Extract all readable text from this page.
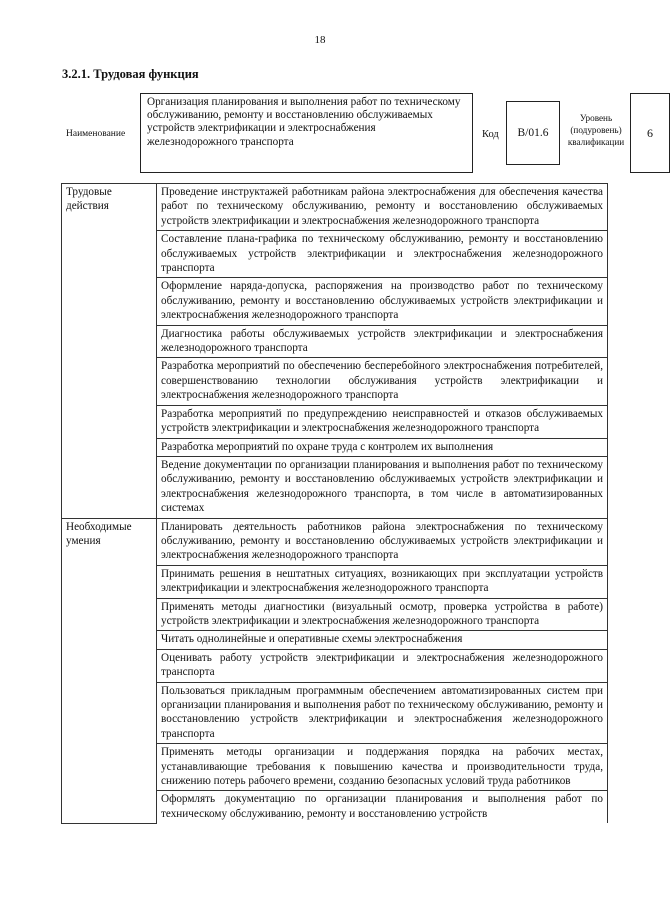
18
3.2.1. Трудовая функция
Наименование
Организация планирования и выполнения работ по техническому обслуживанию, ремонту и восстановлению обслуживаемых устройств электрификации и электроснабжения железнодорожного транспорта
Код	B/01.6
Уровень (подуровень) квалификации
6
Трудовые действия	Проведение инструктажей работникам района электроснабжения для обеспечения качества работ по техническому обслуживанию, ремонту и восстановлению обслуживаемых устройств электрификации и электроснабжения железнодорожного транспорта
	Составление плана-графика по техническому обслуживанию, ремонту и восстановлению обслуживаемых устройств электрификации и электроснабжения железнодорожного транспорта
	Оформление наряда-допуска, распоряжения на производство работ по техническому обслуживанию, ремонту и восстановлению обслуживаемых устройств электрификации и электроснабжения железнодорожного транспорта
	Диагностика работы обслуживаемых устройств электрификации и электроснабжения железнодорожного транспорта
	Разработка мероприятий по обеспечению бесперебойного электроснабжения потребителей, совершенствованию технологии обслуживания устройств электрификации и электроснабжения железнодорожного транспорта
	Разработка мероприятий по предупреждению неисправностей и отказов обслуживаемых устройств электрификации и электроснабжения железнодорожного транспорта
	Разработка мероприятий по охране труда с контролем их выполнения
	Ведение документации по организации планирования и выполнения работ по техническому обслуживанию, ремонту и восстановлению обслуживаемых устройств электрификации и электроснабжения железнодорожного транспорта, в том числе в автоматизированных системах
Необходимые умения	Планировать деятельность работников района электроснабжения по техническому обслуживанию, ремонту и восстановлению обслуживаемых устройств электрификации и электроснабжения железнодорожного транспорта
	Принимать решения в нештатных ситуациях, возникающих при эксплуатации устройств электрификации и электроснабжения железнодорожного транспорта
	Применять методы диагностики (визуальный осмотр, проверка устройства в работе) устройств электрификации и электроснабжения железнодорожного транспорта
	Читать однолинейные и оперативные схемы электроснабжения
	Оценивать работу устройств электрификации и электроснабжения железнодорожного транспорта
	Пользоваться прикладным программным обеспечением автоматизированных систем при организации планирования и выполнения работ по техническому обслуживанию, ремонту и восстановлению устройств электрификации и электроснабжения железнодорожного транспорта
	Применять методы организации и поддержания порядка на рабочих местах, устанавливающие требования к повышению качества и производительности труда, снижению потерь рабочего времени, созданию безопасных условий труда работников
	Оформлять документацию по организации планирования и выполнения работ по техническому обслуживанию, ремонту и восстановлению устройств
